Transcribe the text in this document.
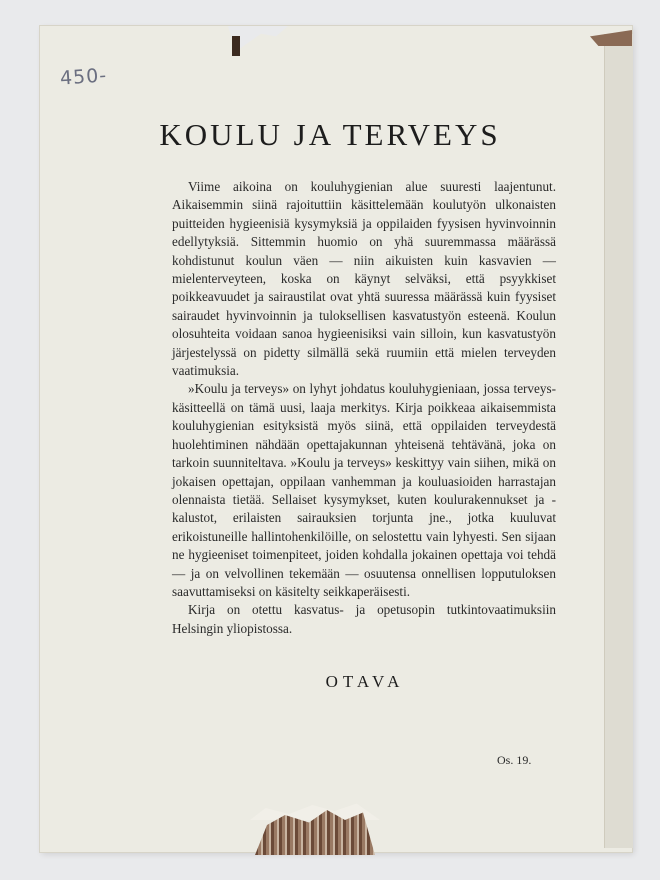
450-
KOULU JA TERVEYS

Viime aikoina on kouluhygienian alue suuresti laajentunut. Aikaisemmin siinä rajoituttiin käsittelemään koulutyön ulkonaisten puitteiden hygieenisiä kysymyksiä ja oppilaiden fyysisen hyvinvoinnin edellytyksiä. Sittemmin huomio on yhä suuremmassa määrässä kohdistunut koulun väen — niin aikuisten kuin kasvavien — mielenterveyteen, koska on käynyt selväksi, että psyykkiset poikkeavuudet ja sairaustilat ovat yhtä suuressa määrässä kuin fyysiset sairaudet hyvinvoinnin ja tuloksellisen kasvatustyön esteenä. Koulun olosuhteita voidaan sanoa hygieenisiksi vain silloin, kun kasvatustyön järjestelyssä on pidetty silmällä sekä ruumiin että mielen terveyden vaatimuksia.

»Koulu ja terveys» on lyhyt johdatus kouluhygieniaan, jossa terveys-käsitteellä on tämä uusi, laaja merkitys. Kirja poikkeaa aikaisemmista kouluhygienian esityksistä myös siinä, että oppilaiden terveydestä huolehtiminen nähdään opettajakunnan yhteisenä tehtävänä, joka on tarkoin suunniteltava. »Koulu ja terveys» keskittyy vain siihen, mikä on jokaisen opettajan, oppilaan vanhemman ja kouluasioiden harrastajan olennaista tietää. Sellaiset kysymykset, kuten koulurakennukset ja -kalustot, erilaisten sairauksien torjunta jne., jotka kuuluvat erikoistuneille hallintohenkilöille, on selostettu vain lyhyesti. Sen sijaan ne hygieeniset toimenpiteet, joiden kohdalla jokainen opettaja voi tehdä — ja on velvollinen tekemään — osuutensa onnellisen lopputuloksen saavuttamiseksi on käsitelty seikkaperäisesti.

Kirja on otettu kasvatus- ja opetusopin tutkintovaatimuksiin Helsingin yliopistossa.

OTAVA
Os. 19.
